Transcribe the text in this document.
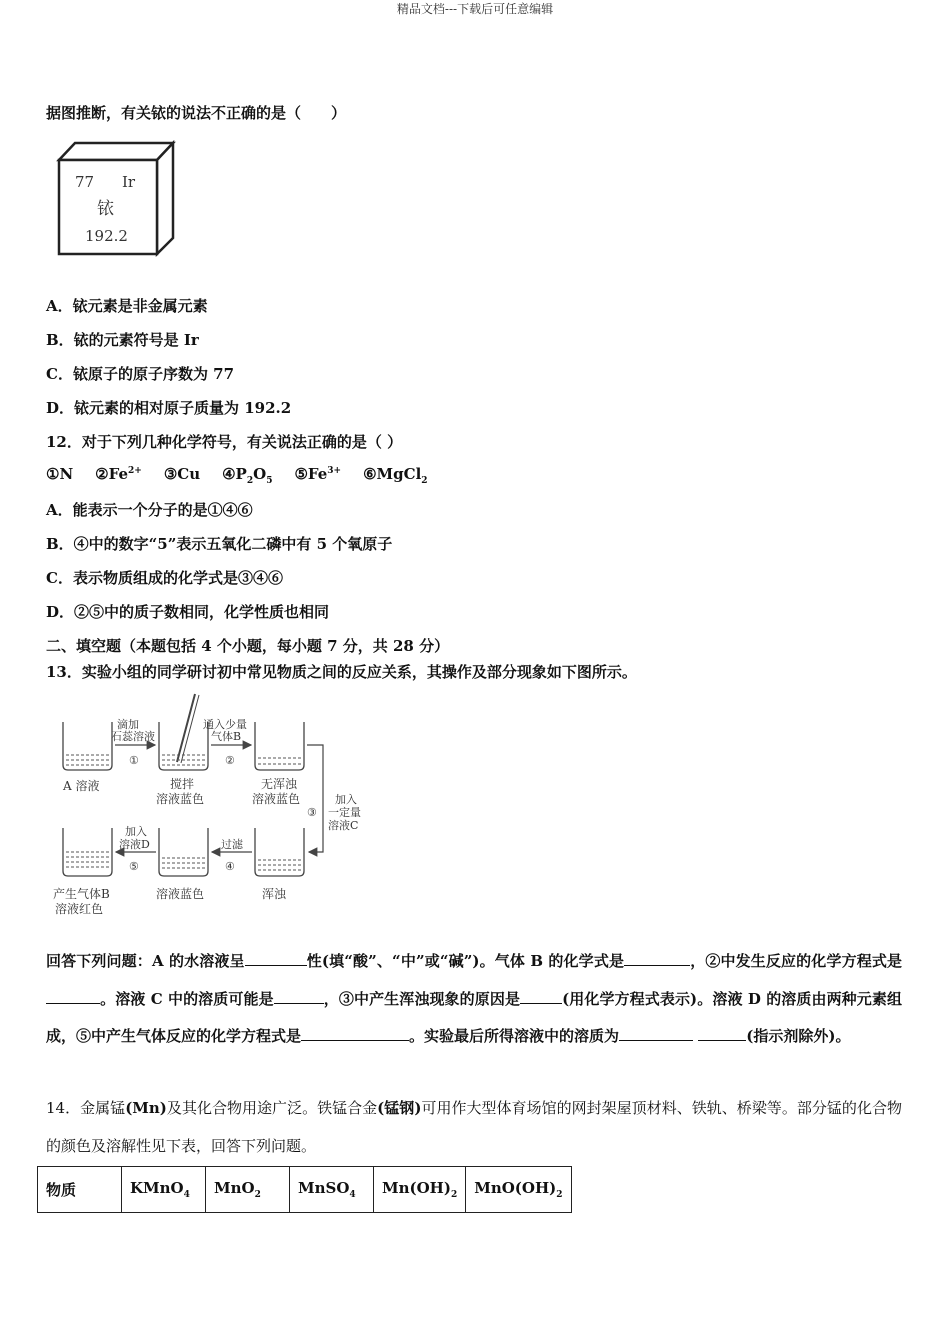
精品文档---下载后可任意编辑
据图推断，有关铱的说法不正确的是（　　）
77 Ir
铱
192.2
A．铱元素是非金属元素
B．铱的元素符号是 Ir
C．铱原子的原子序数为 77
D．铱元素的相对原子质量为 192.2
12．对于下列几种化学符号，有关说法正确的是（ ）
①N $②Fe^{2+}$ ③Cu $④P_2O_5$ $⑤Fe^{3+}$ ⑥MgCl$_2$
A．能表示一个分子的是①④⑥
B．④中的数字“5”表示五氧化二磷中有 5 个氧原子
C．表示物质组成的化学式是③④⑥
D．②⑤中的质子数相同，化学性质也相同
二、填空题（本题包括 4 个小题，每小题 7 分，共 28 分）
13．实验小组的同学研讨初中常见物质之间的反应关系，其操作及部分现象如下图所示。
滴加
石蕊溶液
①
通入少量
气体B
②
加入
一定量
溶液C
③
过滤
④
加入
溶液D
⑤
A 溶液	搅拌
溶液蓝色
无浑浊
溶液蓝色
浑浊
溶液蓝色
产生气体B
溶液红色
回答下列问题：A 的水溶液呈	性(填“酸”、“中”或“碱”)。气体 B 的化学式是	，②中发生反应的化学方程式是。溶液 C 中的溶质可能是	，③中产生浑浊现象的原因是	(用化学方程式表示)。溶液 D 的溶质由两种元素组成，⑤中产生气体反应的化学方程式是	。实验最后所得溶液中的溶质为	(指示剂除外)。
14．金属锰(Mn)及其化合物用途广泛。铁锰合金(锰钢)可用作大型体育场馆的网封架屋顶材料、铁轨、桥梁等。部分锰的化合物的颜色及溶解性见下表，回答下列问题。
物质	KMnO$_4$	MnO$_2$	MnSO$_4$	$Mn(OH)_2$	$MnO(OH)_2$
